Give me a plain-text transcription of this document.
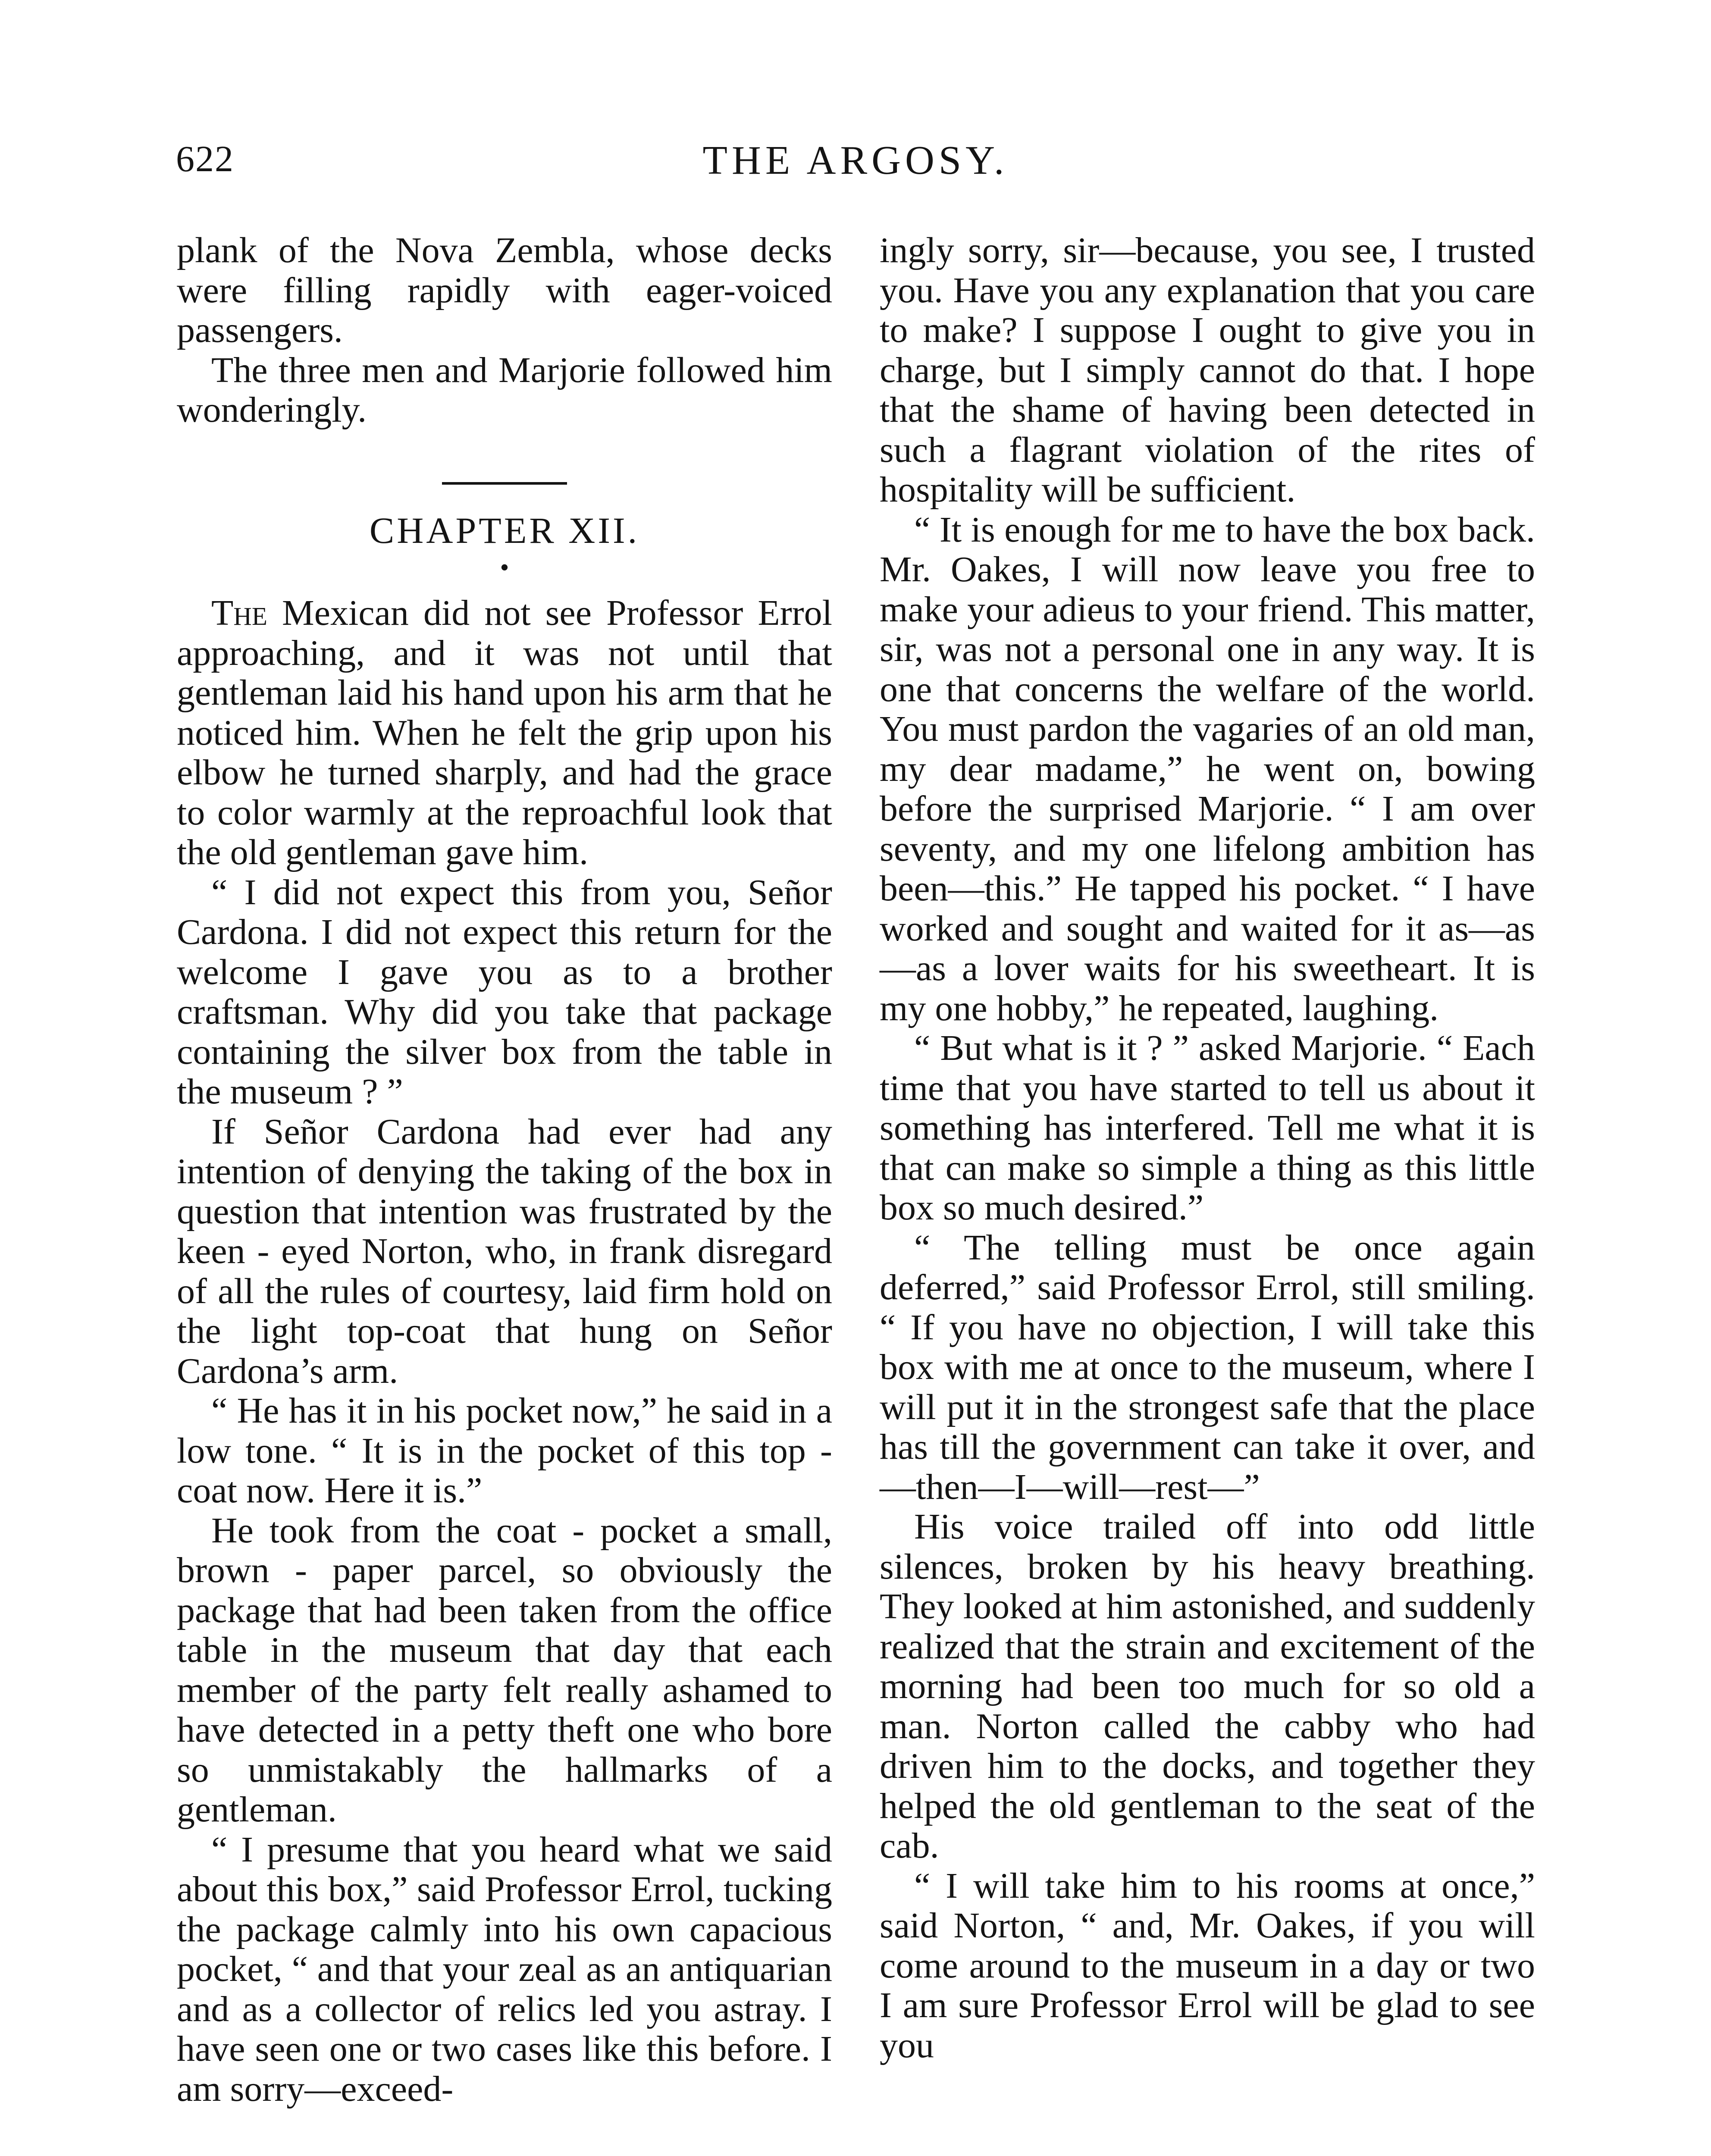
622	THE ARGOSY.

plank of the Nova Zembla, whose decks were filling rapidly with eager-voiced passengers.

The three men and Marjorie followed him wonderingly.

CHAPTER XII.
•

The Mexican did not see Professor Errol approaching, and it was not until that gentleman laid his hand upon his arm that he noticed him. When he felt the grip upon his elbow he turned sharply, and had the grace to color warmly at the reproachful look that the old gentleman gave him.

“ I did not expect this from you, Señor Cardona. I did not expect this return for the welcome I gave you as to a brother craftsman. Why did you take that package containing the silver box from the table in the museum ? ”

If Señor Cardona had ever had any intention of denying the taking of the box in question that intention was frustrated by the keen - eyed Norton, who, in frank disregard of all the rules of courtesy, laid firm hold on the light top-coat that hung on Señor Cardona’s arm.

“ He has it in his pocket now,” he said in a low tone. “ It is in the pocket of this top - coat now. Here it is.”

He took from the coat - pocket a small, brown - paper parcel, so obviously the package that had been taken from the office table in the museum that day that each member of the party felt really ashamed to have detected in a petty theft one who bore so unmistakably the hallmarks of a gentleman.

“ I presume that you heard what we said about this box,” said Professor Errol, tucking the package calmly into his own capacious pocket, “ and that your zeal as an antiquarian and as a collector of relics led you astray. I have seen one or two cases like this before. I am sorry—exceed-

ingly sorry, sir—because, you see, I trusted you. Have you any explanation that you care to make? I suppose I ought to give you in charge, but I simply cannot do that. I hope that the shame of having been detected in such a flagrant violation of the rites of hospitality will be sufficient.

“ It is enough for me to have the box back. Mr. Oakes, I will now leave you free to make your adieus to your friend. This matter, sir, was not a personal one in any way. It is one that concerns the welfare of the world. You must pardon the vagaries of an old man, my dear madame,” he went on, bowing before the surprised Marjorie. “ I am over seventy, and my one lifelong ambition has been—this.” He tapped his pocket. “ I have worked and sought and waited for it as—as—as a lover waits for his sweetheart. It is my one hobby,” he repeated, laughing.

“ But what is it ? ” asked Marjorie. “ Each time that you have started to tell us about it something has interfered. Tell me what it is that can make so simple a thing as this little box so much desired.”

“ The telling must be once again deferred,” said Professor Errol, still smiling. “ If you have no objection, I will take this box with me at once to the museum, where I will put it in the strongest safe that the place has till the government can take it over, and—then—I—will—rest—”

His voice trailed off into odd little silences, broken by his heavy breathing. They looked at him astonished, and suddenly realized that the strain and excitement of the morning had been too much for so old a man. Norton called the cabby who had driven him to the docks, and together they helped the old gentleman to the seat of the cab.

“ I will take him to his rooms at once,” said Norton, “ and, Mr. Oakes, if you will come around to the museum in a day or two I am sure Professor Errol will be glad to see you
